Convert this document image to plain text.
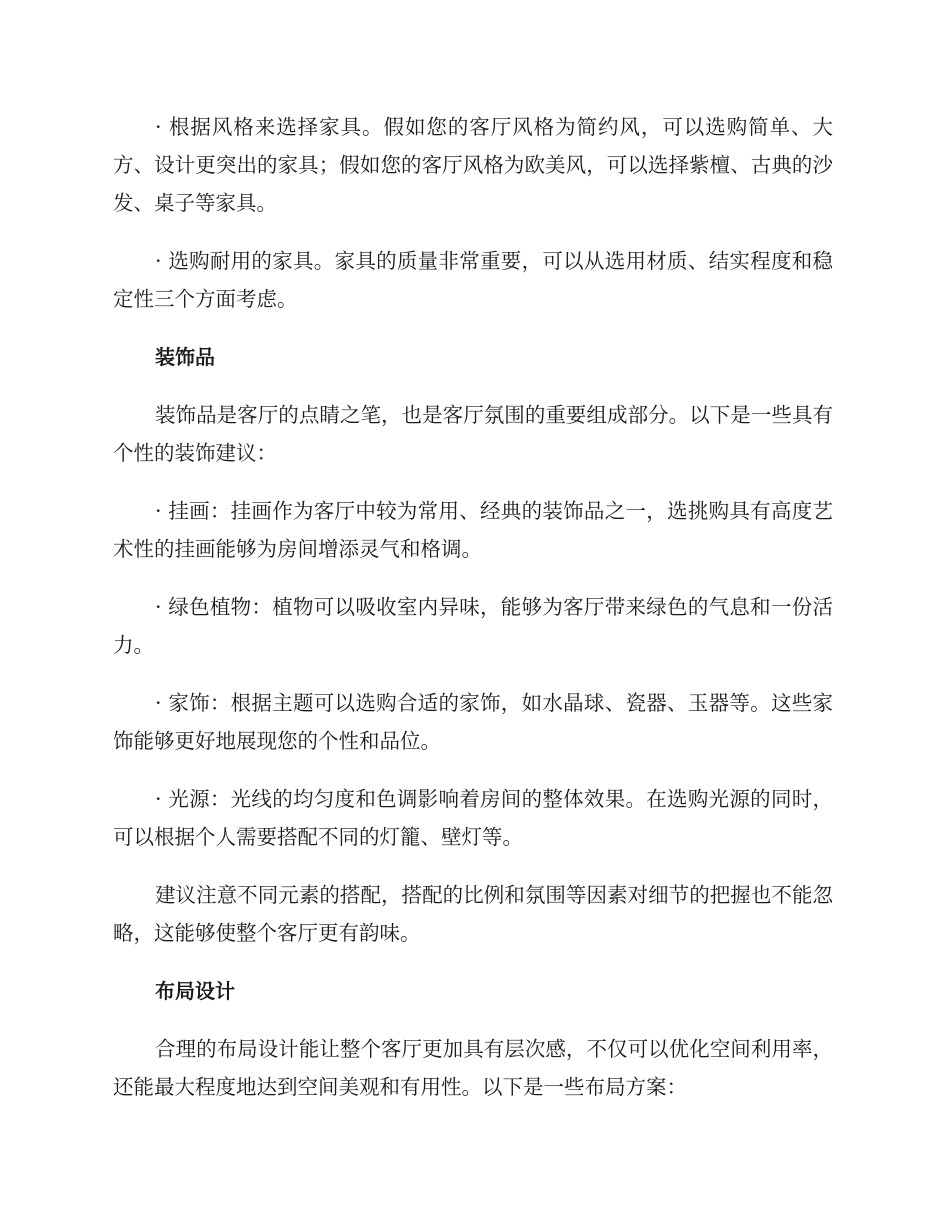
· 根据风格来选择家具。假如您的客厅风格为简约风，可以选购简单、大方、设计更突出的家具；假如您的客厅风格为欧美风，可以选择紫檀、古典的沙发、桌子等家具。

· 选购耐用的家具。家具的质量非常重要，可以从选用材质、结实程度和稳定性三个方面考虑。

装饰品

装饰品是客厅的点睛之笔，也是客厅氛围的重要组成部分。以下是一些具有个性的装饰建议：

· 挂画：挂画作为客厅中较为常用、经典的装饰品之一，选挑购具有高度艺术性的挂画能够为房间增添灵气和格调。

· 绿色植物：植物可以吸收室内异味，能够为客厅带来绿色的气息和一份活力。

· 家饰：根据主题可以选购合适的家饰，如水晶球、瓷器、玉器等。这些家饰能够更好地展现您的个性和品位。

· 光源：光线的均匀度和色调影响着房间的整体效果。在选购光源的同时，可以根据个人需要搭配不同的灯籠、壁灯等。

建议注意不同元素的搭配，搭配的比例和氛围等因素对细节的把握也不能忽略，这能够使整个客厅更有韵味。

布局设计

合理的布局设计能让整个客厅更加具有层次感，不仅可以优化空间利用率，还能最大程度地达到空间美观和有用性。以下是一些布局方案：
